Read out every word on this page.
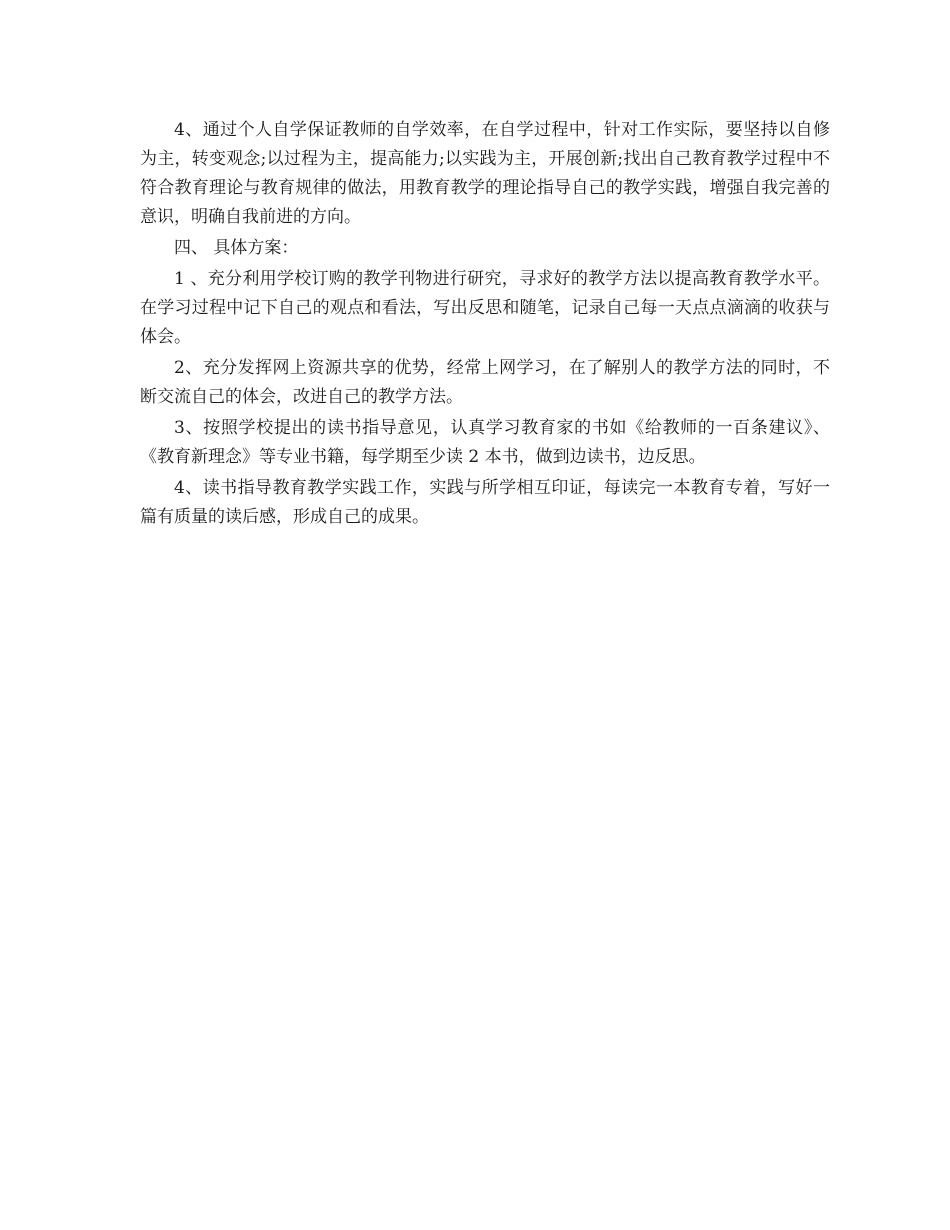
4、通过个人自学保证教师的自学效率，在自学过程中，针对工作实际，要坚持以自修为主，转变观念;以过程为主，提高能力;以实践为主，开展创新;找出自己教育教学过程中不符合教育理论与教育规律的做法，用教育教学的理论指导自己的教学实践，增强自我完善的意识，明确自我前进的方向。

四、 具体方案：

1 、充分利用学校订购的教学刊物进行研究，寻求好的教学方法以提高教育教学水平。在学习过程中记下自己的观点和看法，写出反思和随笔，记录自己每一天点点滴滴的收获与体会。

2、充分发挥网上资源共享的优势，经常上网学习，在了解别人的教学方法的同时，不断交流自己的体会，改进自己的教学方法。

3、按照学校提出的读书指导意见，认真学习教育家的书如《给教师的一百条建议》、《教育新理念》等专业书籍，每学期至少读 2 本书，做到边读书，边反思。

4、读书指导教育教学实践工作，实践与所学相互印证，每读完一本教育专着，写好一篇有质量的读后感，形成自己的成果。
